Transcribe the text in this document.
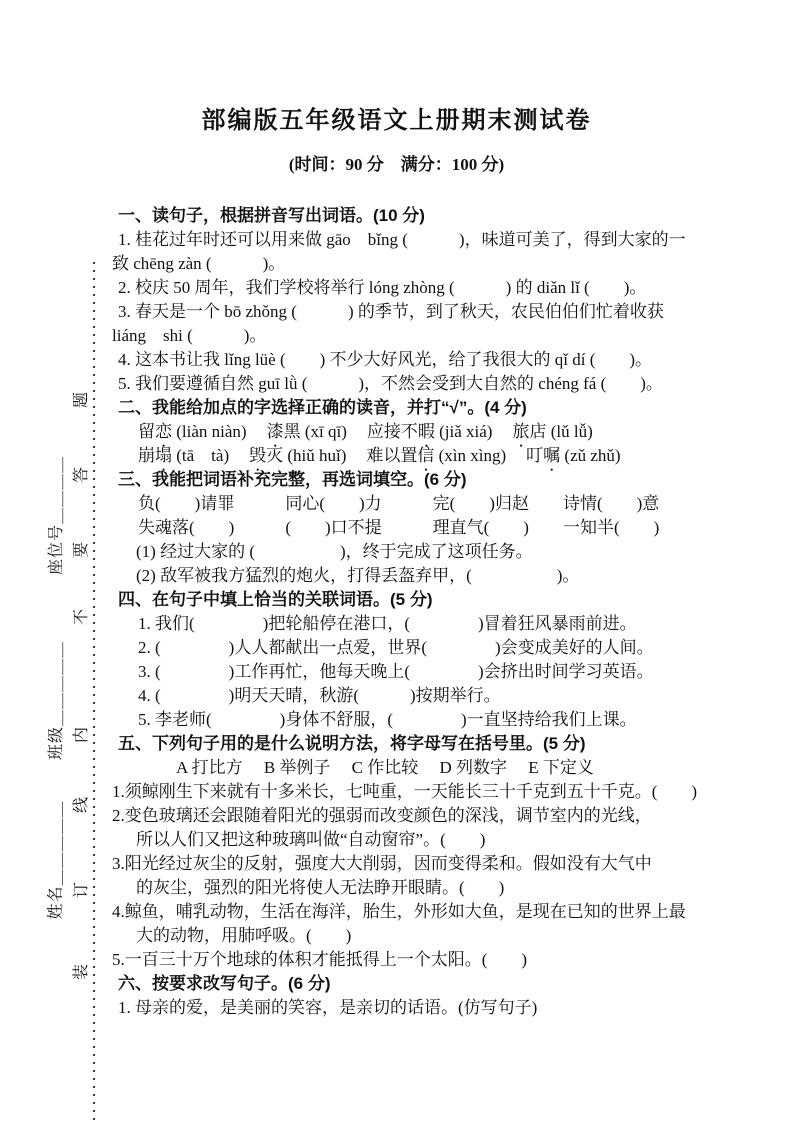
题
答
要
不
内
线
订
装
座位号＿＿＿＿
班级＿＿＿＿＿
姓名＿＿＿＿＿
部编版五年级语文上册期末测试卷
(时间：90 分　满分：100 分)
一、读句子，根据拼音写出词语。(10 分)
1. 桂花过年时还可以用来做 gāo　bǐng (　　　)，味道可美了，得到大家的一
致 chēng zàn (　　　)。
2. 校庆 50 周年，我们学校将举行 lóng zhòng (　　　) 的 diǎn lǐ (　　)。
3. 春天是一个 bō zhǒng (　　　) 的季节，到了秋天，农民伯伯们忙着收获
liáng　shi (　　　)。
4. 这本书让我 lǐng lüè (　　) 不少大好风光，给了我很大的 qǐ dí (　　)。
5. 我们要遵循自然 guī lǜ (　　　)，不然会受到大自然的 chéng fá (　　)。
二、我能给加点的字选择正确的读音，并打“√”。(4 分)
留恋 (liàn niàn) 漆黑 (xī qī) 应接不暇 (jiǎ xiá) 旅店 (lǔ lǚ)
崩塌 (tā　tà) 毁灭 (hiǔ huǐ) 难以置信 (xìn xìng) 叮嘱 (zǔ zhǔ)
三、我能把词语补充完整，再选词填空。(6 分)
负(　　)请罪　　　同心(　　)力　　　完(　　)归赵　　诗情(　　)意
失魂落(　　)　　　(　　)口不提　　　理直气(　　)　　一知半(　　)
(1) 经过大家的 (　　　　　)，终于完成了这项任务。
(2) 敌军被我方猛烈的炮火，打得丢盔弃甲，(　　　　　)。
四、在句子中填上恰当的关联词语。(5 分)
1. 我们(　　　　)把轮船停在港口，(　　　　)冒着狂风暴雨前进。
2. (　　　　)人人都献出一点爱，世界(　　　　)会变成美好的人间。
3. (　　　　)工作再忙，他每天晚上(　　　　)会挤出时间学习英语。
4. (　　　　)明天天晴，秋游(　　　)按期举行。
5. 李老师(　　　　)身体不舒服，(　　　　)一直坚持给我们上课。
五、下列句子用的是什么说明方法，将字母写在括号里。(5 分)
A 打比方　 B 举例子　 C 作比较　 D 列数字　 E 下定义
1.须鲸刚生下来就有十多米长，七吨重，一天能长三十千克到五十千克。(　　)
2.变色玻璃还会跟随着阳光的强弱而改变颜色的深浅，调节室内的光线，
所以人们又把这种玻璃叫做“自动窗帘”。(　　)
3.阳光经过灰尘的反射，强度大大削弱，因而变得柔和。假如没有大气中
的灰尘，强烈的阳光将使人无法睁开眼睛。(　　)
4.鲸鱼，哺乳动物，生活在海洋，胎生，外形如大鱼，是现在已知的世界上最
大的动物，用肺呼吸。(　　)
5.一百三十万个地球的体积才能抵得上一个太阳。(　　)
六、按要求改写句子。(6 分)
1. 母亲的爱，是美丽的笑容，是亲切的话语。(仿写句子)
